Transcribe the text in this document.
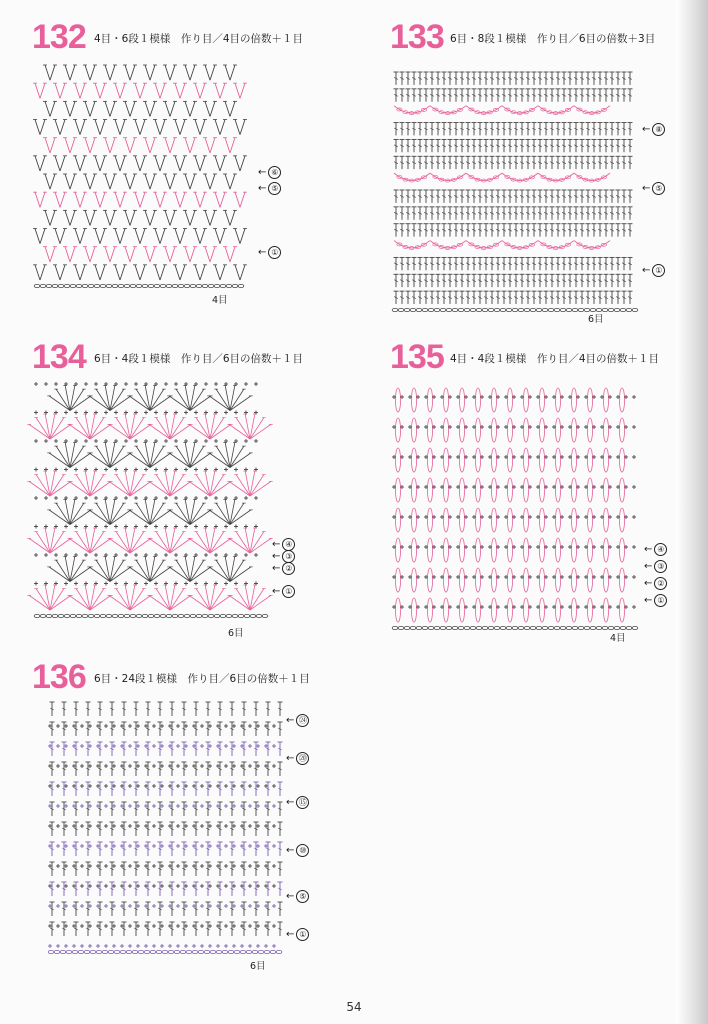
132 4目・6段１模様　作り目／4目の倍数＋１目
← ⑥
← ⑤
← ①
4目
133 6目・8段１模様　作り目／6目の倍数＋3目
← ⑧
← ⑤
← ①
6目
134 6目・4段１模様　作り目／6目の倍数＋１目
← ④
← ③
← ②
← ①
6目
135 4目・4段１模様　作り目／4目の倍数＋１目
← ④
← ③
← ②
← ①
4目
136 6目・24段１模様　作り目／6目の倍数＋１目
← ㉔
← ⑳
← ⑮
← ⑩
← ⑤
← ①
6目
54
